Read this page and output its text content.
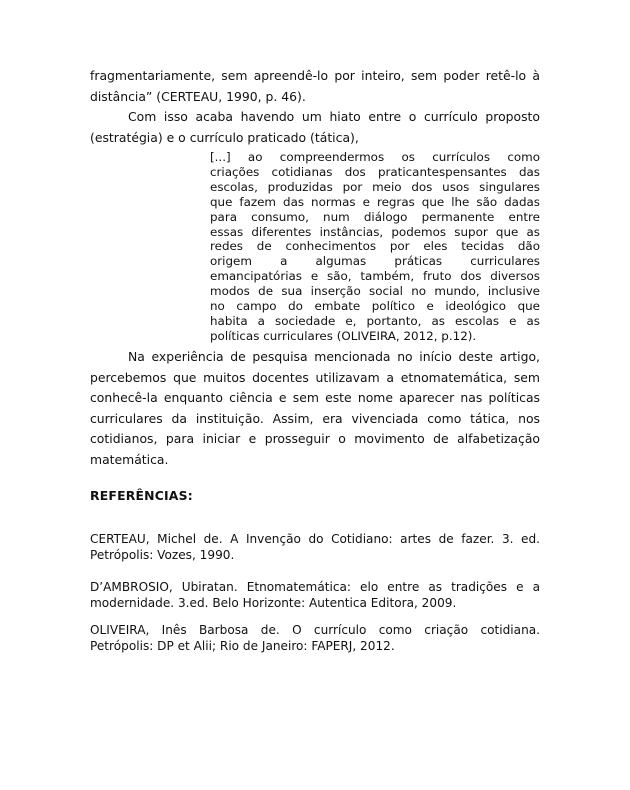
fragmentariamente, sem apreendê-lo por inteiro, sem poder retê-lo à
distância” (CERTEAU, 1990, p. 46).
Com isso acaba havendo um hiato entre o currículo proposto
(estratégia) e o currículo praticado (tática),
[...] ao compreendermos os currículos como
criações cotidianas dos praticantespensantes das
escolas, produzidas por meio dos usos singulares
que fazem das normas e regras que lhe são dadas
para consumo, num diálogo permanente entre
essas diferentes instâncias, podemos supor que as
redes de conhecimentos por eles tecidas dão
origem a algumas práticas curriculares
emancipatórias e são, também, fruto dos diversos
modos de sua inserção social no mundo, inclusive
no campo do embate político e ideológico que
habita a sociedade e, portanto, as escolas e as
políticas curriculares (OLIVEIRA, 2012, p.12).
Na experiência de pesquisa mencionada no início deste artigo,
percebemos que muitos docentes utilizavam a etnomatemática, sem
conhecê-la enquanto ciência e sem este nome aparecer nas políticas
curriculares da instituição. Assim, era vivenciada como tática, nos
cotidianos, para iniciar e prosseguir o movimento de alfabetização
matemática.
REFERÊNCIAS:
CERTEAU, Michel de. A Invenção do Cotidiano: artes de fazer. 3. ed.
Petrópolis: Vozes, 1990.
D’AMBROSIO, Ubiratan. Etnomatemática: elo entre as tradições e a
modernidade. 3.ed. Belo Horizonte: Autentica Editora, 2009.
OLIVEIRA, Inês Barbosa de. O currículo como criação cotidiana.
Petrópolis: DP et Alii; Rio de Janeiro: FAPERJ, 2012.
